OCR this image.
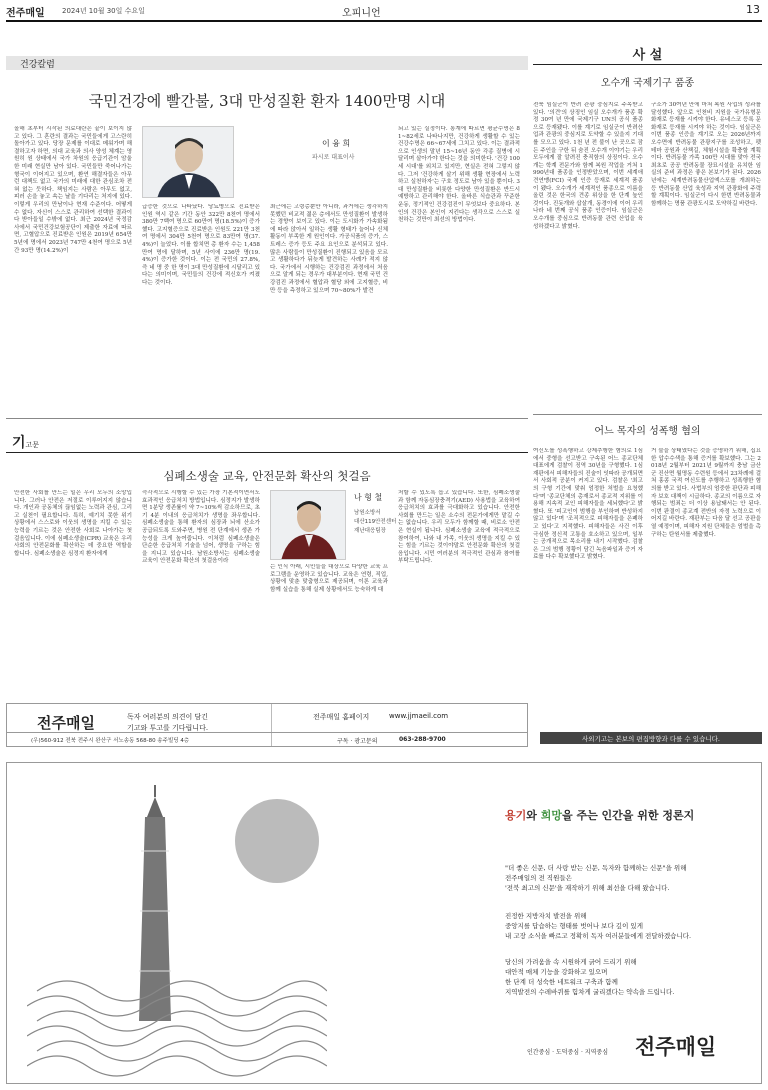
전주매일 2024년 10월 30일 수요일	오피니언	13
건강칼럼
국민건강에 빨간불, 3대 만성질환 환자 1400만명 시대
올해 초부터 시작된 의료대란은 끝이 보이지 않고 있다. 그 혼란의 결과는 국민들에게 고스란히 돌아가고 있다. 당장 문제를 이대로 메워가며 해결하고자 하면, 의대 교육과 의사 양성 체계는 영원히 원 상태에서 국가 차원의 응급기관이 암울한 미래 현실만 남아 있다. 국민들만 죽어나가는 형국이 이어지고 있으며, 환연 해결자들은 아무런 대책도 없고 국가의 미래에 대한 관심조차 전혀 없는 듯하다. 책임지는 사람은 아무도 없고, 피러 손을 놓고 속는 날을 기다리는 처지에 있다. 이렇게 우리의 만남이나 현재 수준이다. 어떻게 수 없다. 자신이 스스로 관리하여 선택한 결과이다 받아들일 수밖에 없다. 최근 2024년 국정감사에서 국민건강보험공단이 제출한 자료에 따르면, 고혈압으로 진료받은 인원은 2019년 654만 5년에 명에서 2023년 747만 4천여 명으로 5년간 93만 명(14.2%)이
이 융 희
파시로 대표이사
급증한 것으로 나타났다. 당뇨병으로 진료받은 인원 역시 같은 기간 동안 322만 8천여 명에서 380만 7백여 명으로 60만여 명(18.5%)이 증가했다. 고지혈증으로 진료받은 인원도 221만 3천여 명에서 304만 5천여 명으로 83만여 명(37.4%)이 늘었다. 이를 합치면 총 환자 수는 1,458만여 명에 달하며, 5년 사이에 236만 명(19.4%)이 증가한 것이다. 이는 전 국민의 27.8%, 즉 네 명 중 한 명이 3대 만성질환에 시달리고 있다는 의미이며, 국민들의 건강에 적신호가 켜졌다는 것이다.
최근에는 고령층뿐만 아니라, 과거에는 생각하지 못했던 비교적 젊은 층에서도 만성질환이 발생하는 경향이 보이고 있다. 이는 도시화가 가속화됨에 따라 앉아서 일하는 생활 형태가 늘어나 신체 활동이 부족한 게 원인이다. 가공식품의 증가, 스트레스 증가 등도 주요 요인으로 분석되고 있다. 많은 사람들이 만성질환이 진행되고 있음을 모르고 생활하다가 뒤늦게 발견하는 사례가 적지 않다. 국가에서 시행하는 건강검진 과정에서 처음으로 알게 되는 경우가 대부분이다. 현재 국민 건강검진 과정에서 혈압과 혈당 외에 고지혈증, 비만 등을 측정하고 있으며 70~80%가 발견
되고 있는 실정이다. 통계에 따르면 평균수명은 81~82세로 나타나지만, 건강하게 생활할 수 있는 건강수명은 66~67세에 그치고 있다. 이는 결과적으로 인생의 말년 15~16년 동안 각종 질병에 시달리며 살아가야 한다는 것을 의미한다. '건강 100세 시대'를 외치고 있지만, 현실은 전혀 그렇지 않다. 그저 '건강하게 살기 위해 생활 현장에서 노력하고 실천하자'는 구호 정도로 남아 있을 뿐이다. 3대 만성질환을 비롯한 다양한 만성질환은 반드시 예방하고 관리해야 한다. 올바른 식습관과 꾸준한 운동, 정기적인 건강검진이 무엇보다 중요하다. 본인의 건강은 본인이 지킨다는 생각으로 스스로 실천하는 것만이 최선의 방법이다.
사 설
오수개 국제기구 품종
전북 임실군이 반려 관광 중심지로 주목받고 있다. '의견'의 상징인 임실 오수개가 품종 확정 30여 년 만에 국제기구 UN의 공식 품종으로 등재됐다. 이를 계기로 임실군이 반려산업과 관광의 중심지로 도약할 수 있을지 기대를 모으고 있다. 1천 년 전 불이 난 곳으로 잠든 주인을 구한 뒤 숨진 오수개 이야기는 우리 모두에게 잘 알려진 충직함의 상징이다. 오수개는 학계 전문가와 함께 복원 작업을 거쳐 1990년대 품종을 인정받았으며, 이번 세계애견연맹(FCI) 국제 인증 등재로 세계적 품종이 됐다. 오수개가 세계적인 품종으로 이름을 올린 것은 한국의 견종 위상을 한 단계 높인 것이다. 진돗개와 삽살개, 동경이에 이어 우리나라 네 번째 공식 품종 인증이다. 임실군은 오수개를 중심으로 반려동물 관련 산업을 육성하겠다고 밝혔다.
구소가 30여년 만에 마쳐 복원 사업의 성과를 달성했다. 앞으로 인천비 지원을 국가유형문화재로 등재를 시켜야 한다. 유네스코 등록 문화재로 등재를 시켜야 하는 것이다. 임실군은 이번 품종 인증을 계기로 오는 2026년까지 오수면에 반려동물 관광지구를 조성하고, 펫테마 공원과 산책길, 체험시설을 확충할 계획이다. 반려동물 가족 100만 시대를 맞아 전국 최초로 공공 반려동물 장묘시설을 유치한 임실의 준비 과정은 좋은 본보기가 된다. 2026년에는 세계반려동물산업엑스포를 개최하는 등 반려동물 산업 육성과 지역 관광화에 주력할 계획이다. 임실군이 다시 한번 반려동물과 함께하는 명품 관광도시로 도약하길 바란다.
어느 목자의 성폭행 혐의
여신도를 성폭행하고 강제추행한 혐의로 1심에서 중형을 선고받고 구속된 어느 종교단체 대표에게 검찰이 징역 30년을 구형했다. 1심 재판에서 피해자들의 진술이 잇따라 공개되면서 사회적 공분이 커지고 있다. 검찰은 '최고의 구형 기간에 맞춰 엄정한 처벌을 요청했다'며 '종교단체의 총재로서 종교적 지위를 이용해 지속적 교인 피해자들을 세뇌했다'고 밝혔다. 또 '피고인이 범행을 부인하며 반성하지 않고 있다'며 '조직적으로 피해자들을 은폐하고 있다'고 지적했다. 피해자들은 사건 이후 극심한 정신적 고통을 호소하고 있으며, 일부는 공개적으로 목소리를 내기 시작했다. 검찰은 그의 범행 정황이 담긴 녹음파일과 증거 자료를 다수 확보했다고 밝혔다.
거 불을 상태였다는 것을 증명하기 위해, 집요한 압수수색을 통해 증거를 확보했다. 그는 2018년 2월부터 2021년 9월까지 충남 금산군 진산면 월명동 수련원 등에서 23차례에 걸쳐 홍콩 국적 여신도를 추행하고 성폭행한 혐의를 받고 있다. 사법부의 엄중한 판단과 피해자 보호 대책이 시급하다. 종교의 이름으로 자행되는 범죄는 더 이상 용납돼서는 안 된다. 이번 판결이 종교계 전반의 자정 노력으로 이어지길 바란다. 재판부는 다음 달 선고 공판을 열 예정이며, 피해자 지원 단체들은 엄벌을 촉구하는 탄원서를 제출했다.
사외기고는 본보의 편집방향과 다를 수 있습니다.
기고문
심폐소생술 교육, 안전문화 확산의 첫걸음
안전한 사회를 만드는 일은 우리 모두의 소망입니다. 그러나 안전은 저절로 이루어지지 않습니다. 개인과 공동체의 끊임없는 노력과 관심, 그리고 실천이 필요합니다. 특히, 예기치 못한 위기 상황에서 스스로와 이웃의 생명을 지킬 수 있는 능력을 기르는 것은 안전한 사회로 나아가는 첫걸음입니다. 이에 심폐소생술(CPR) 교육은 우리 사회의 안전문화를 확산하는 데 중요한 역할을 합니다. 심폐소생술은 심정지 환자에게
즉각적으로 시행할 수 있는 가장 기본적이면서도 효과적인 응급처치 방법입니다. 심정지가 발생하면 1분당 생존률이 약 7~10%씩 감소하므로, 초기 4분 이내의 응급처치가 생명을 좌우합니다. 심폐소생술을 통해 환자의 심장과 뇌에 산소가 공급되도록 도와주면, 병원 전 단계에서 생존 가능성을 크게 높여줍니다. 이처럼 심폐소생술은 단순한 응급처치 기술을 넘어, 생명을 구하는 힘을 지니고 있습니다. 남원소방서는 심폐소생술 교육이 안전문화 확산의 첫걸음이라
나 형 철
남원소방서
대산119안전센터
재난대응팀장
는 인식 아래, 시민들을 대상으로 다양한 교육 프로그램을 운영하고 있습니다. 교육은 연령, 직업, 상황에 맞춘 맞춤형으로 제공되며, 이론 교육과 함께 실습을 통해 실제 상황에서도 능숙하게 대
처할 수 있도록 돕고 있습니다. 또한, 심폐소생술과 함께 자동심장충격기(AED) 사용법을 교육하여 응급처치의 효과를 극대화하고 있습니다. 안전한 사회를 만드는 일은 소수의 전문가에게만 맡길 수는 없습니다. 우리 모두가 함께할 때, 비로소 안전은 현실이 됩니다. 심폐소생술 교육에 적극적으로 참여하여, 나와 내 가족, 이웃의 생명을 지킬 수 있는 힘을 기르는 것이야말로 안전문화 확산의 첫걸음입니다. 시민 여러분의 적극적인 관심과 참여를 부탁드립니다.
전주매일	독자 여러분의 의견이 담긴
기고와 투고를 기다립니다.
전주매일 홈페이지	www.jjmaeil.com
(우)560-912 전북 전주시 완산구 서노송동 568-80 송주빌딩 4층	구독 · 광고문의	063-288-9700
용기와 희망을 주는 인간을 위한 정론지
"더 좋은 신문, 더 사랑 받는 신문, 독자와 함께하는 신문"을 위해
전주매일의 전 직원들은
'전북 최고의 신문'을 재작하기 위해 최선을 다해 왔습니다.
진정한 지방자치 발전을 위해
중앙지를 답습하는 형태를 벗어나 보다 깊이 있게
내 고장 소식을 빠르고 정확히 독자 여러분들에게 전달하겠습니다.
당신의 가려움을 속 시원하게 긁어 드리기 위해
대안적 매체 기능을 강화하고 있으며
한 단계 더 성숙한 네트워크 구축과 함께
지역발전의 수레바퀴를 힘차게 굴리겠다는 약속을 드립니다.
인간중심 · 도덕중심 · 지역중심 전주매일
